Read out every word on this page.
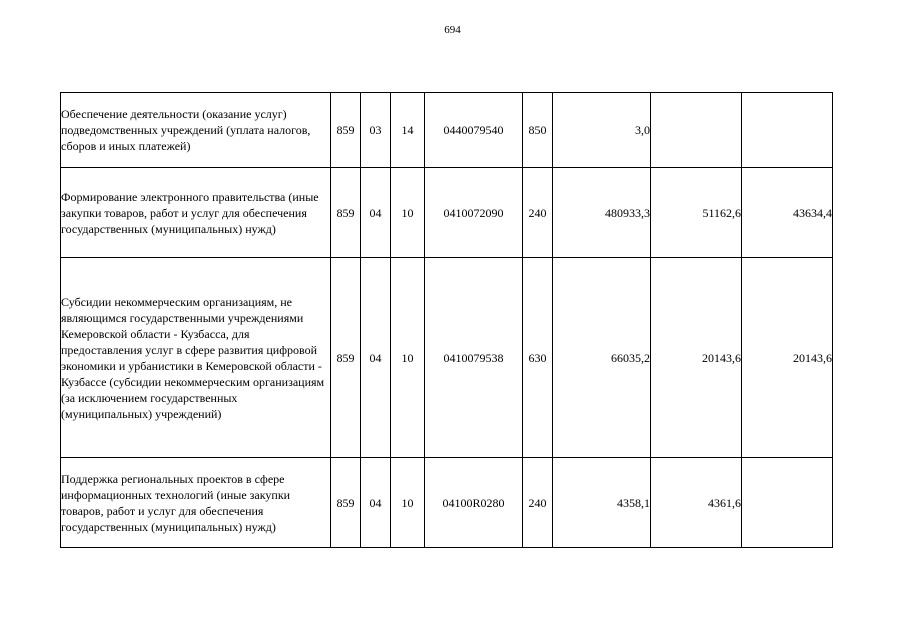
694
Обеспечение деятельности (оказание услуг) подведомственных учреждений (уплата налогов, сборов и иных платежей)	859	03	14	0440079540	850	3,0		
Формирование электронного правительства (иные закупки товаров, работ и услуг для обеспечения государственных (муниципальных) нужд)	859	04	10	0410072090	240	480933,3	51162,6	43634,4
Субсидии некоммерческим организациям, не являющимся государственными учреждениями Кемеровской области - Кузбасса, для предоставления услуг в сфере развития цифровой экономики и урбанистики в Кемеровской области - Кузбассе (субсидии некоммерческим организациям (за исключением государственных (муниципальных) учреждений)	859	04	10	0410079538	630	66035,2	20143,6	20143,6
Поддержка региональных проектов в сфере информационных технологий (иные закупки товаров, работ и услуг для обеспечения государственных (муниципальных) нужд)	859	04	10	04100R0280	240	4358,1	4361,6	
